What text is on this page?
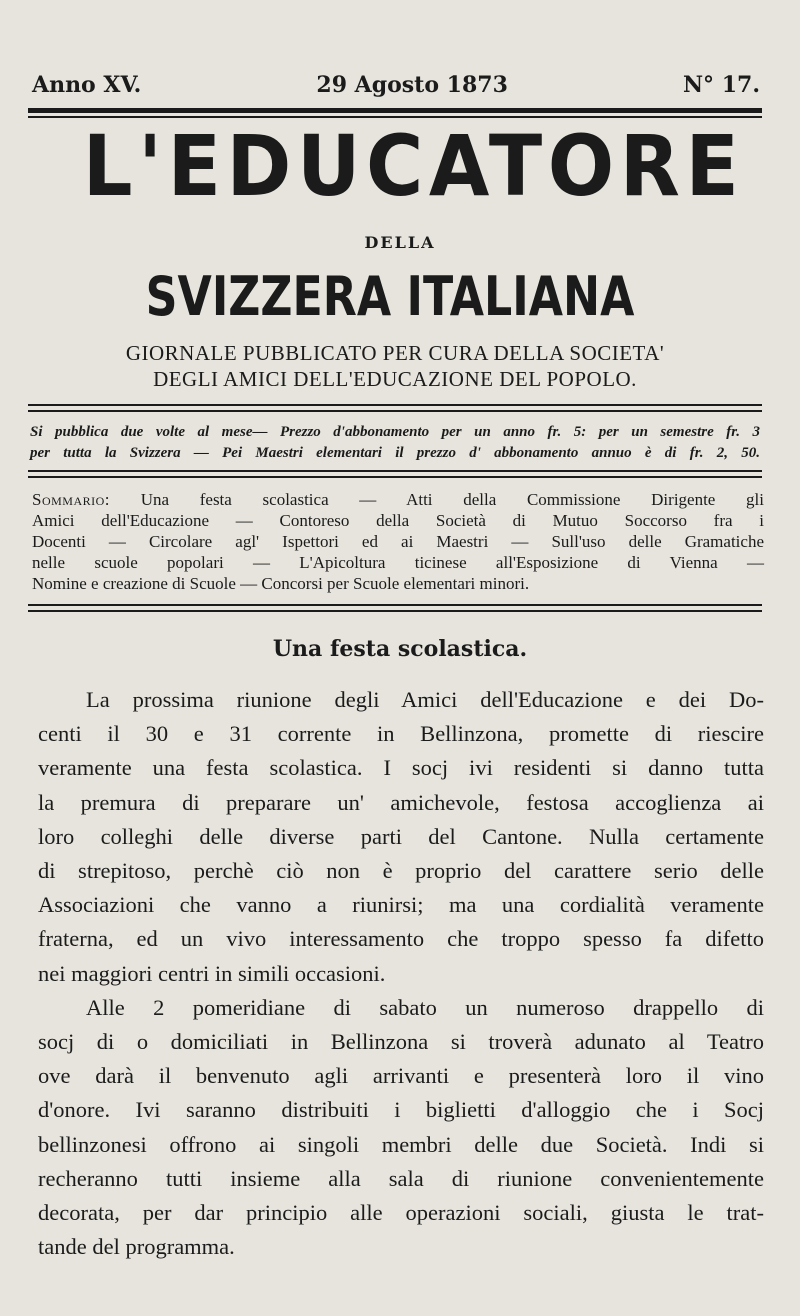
Anno XV.	29 Agosto 1873	N° 17.
L'EDUCATORE
DELLA
SVIZZERA ITALIANA
GIORNALE PUBBLICATO PER CURA DELLA SOCIETA'
DEGLI AMICI DELL'EDUCAZIONE DEL POPOLO.
Si pubblica due volte al mese— Prezzo d'abbonamento per un anno fr. 5: per un semestre fr. 3
per tutta la Svizzera — Pei Maestri elementari il prezzo d' abbonamento annuo è di fr. 2, 50.
Sommario: Una festa scolastica — Atti della Commissione Dirigente gli
Amici dell'Educazione — Contoreso della Società di Mutuo Soccorso fra i
Docenti — Circolare agl' Ispettori ed ai Maestri — Sull'uso delle Gramatiche
nelle scuole popolari — L'Apicoltura ticinese all'Esposizione di Vienna —
Nomine e creazione di Scuole — Concorsi per Scuole elementari minori.
Una festa scolastica.
La prossima riunione degli Amici dell'Educazione e dei Do-
centi il 30 e 31 corrente in Bellinzona, promette di riescire
veramente una festa scolastica. I socj ivi residenti si danno tutta
la premura di preparare un' amichevole, festosa accoglienza ai
loro colleghi delle diverse parti del Cantone. Nulla certamente
di strepitoso, perchè ciò non è proprio del carattere serio delle
Associazioni che vanno a riunirsi; ma una cordialità veramente
fraterna, ed un vivo interessamento che troppo spesso fa difetto
nei maggiori centri in simili occasioni.
Alle 2 pomeridiane di sabato un numeroso drappello di
socj di o domiciliati in Bellinzona si troverà adunato al Teatro
ove darà il benvenuto agli arrivanti e presenterà loro il vino
d'onore. Ivi saranno distribuiti i biglietti d'alloggio che i Socj
bellinzonesi offrono ai singoli membri delle due Società. Indi si
recheranno tutti insieme alla sala di riunione convenientemente
decorata, per dar principio alle operazioni sociali, giusta le trat-
tande del programma.
